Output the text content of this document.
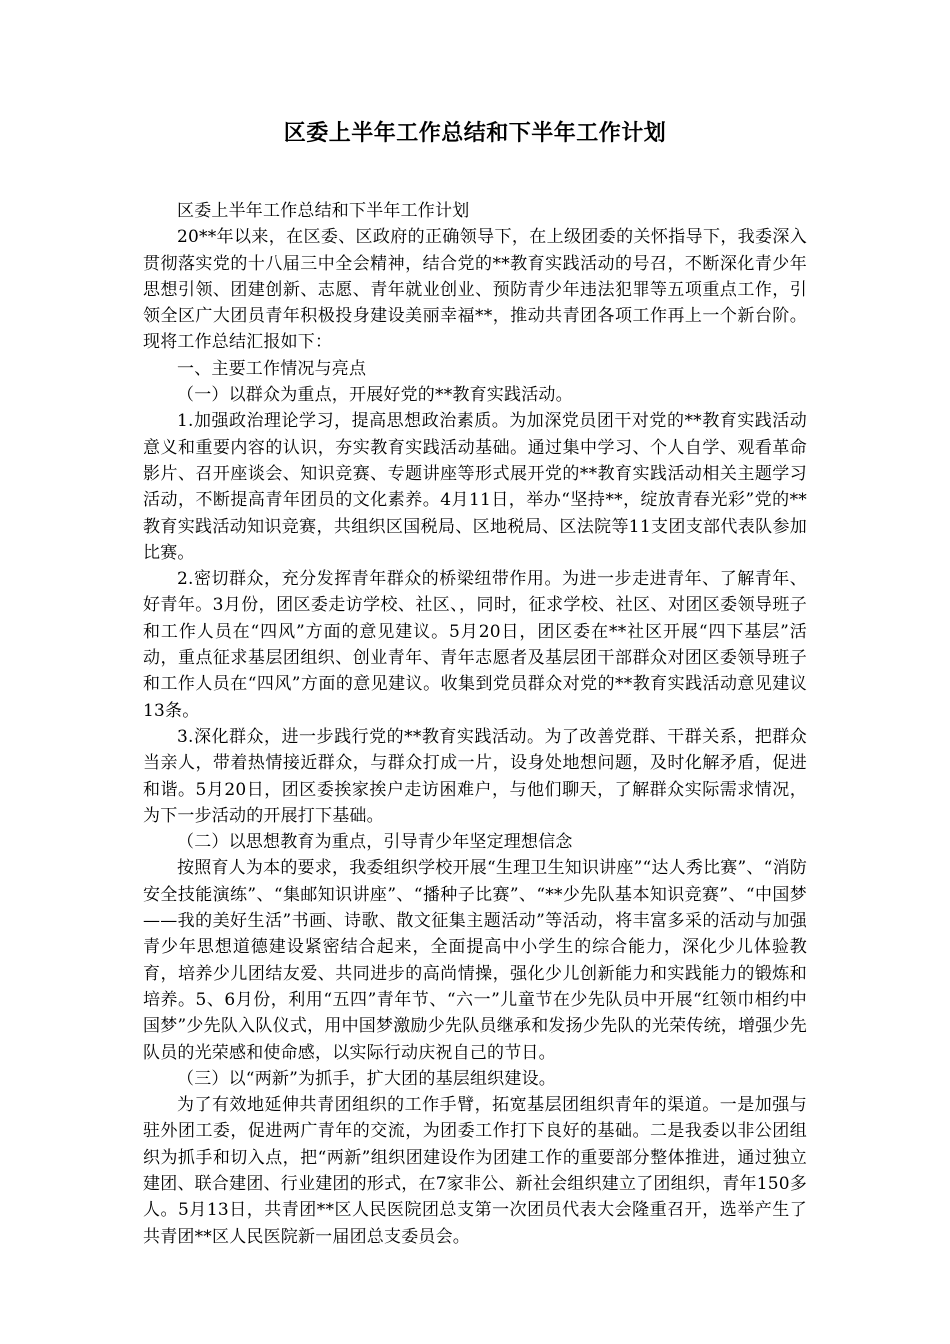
区委上半年工作总结和下半年工作计划

区委上半年工作总结和下半年工作计划

20**年以来，在区委、区政府的正确领导下，在上级团委的关怀指导下，我委深入贯彻落实党的十八届三中全会精神，结合党的**教育实践活动的号召，不断深化青少年思想引领、团建创新、志愿、青年就业创业、预防青少年违法犯罪等五项重点工作，引领全区广大团员青年积极投身建设美丽幸福**，推动共青团各项工作再上一个新台阶。现将工作总结汇报如下：

一、主要工作情况与亮点

（一）以群众为重点，开展好党的**教育实践活动。

1.加强政治理论学习，提高思想政治素质。为加深党员团干对党的**教育实践活动意义和重要内容的认识，夯实教育实践活动基础。通过集中学习、个人自学、观看革命影片、召开座谈会、知识竞赛、专题讲座等形式展开党的**教育实践活动相关主题学习活动，不断提高青年团员的文化素养。4月11日，举办“坚持**，绽放青春光彩”党的**教育实践活动知识竞赛，共组织区国税局、区地税局、区法院等11支团支部代表队参加比赛。

2.密切群众，充分发挥青年群众的桥梁纽带作用。为进一步走进青年、了解青年、好青年。3月份，团区委走访学校、社区、，同时，征求学校、社区、对团区委领导班子和工作人员在“四风”方面的意见建议。5月20日，团区委在**社区开展“四下基层”活动，重点征求基层团组织、创业青年、青年志愿者及基层团干部群众对团区委领导班子和工作人员在“四风”方面的意见建议。收集到党员群众对党的**教育实践活动意见建议13条。

3.深化群众，进一步践行党的**教育实践活动。为了改善党群、干群关系，把群众当亲人，带着热情接近群众，与群众打成一片，设身处地想问题，及时化解矛盾，促进和谐。5月20日，团区委挨家挨户走访困难户，与他们聊天，了解群众实际需求情况，为下一步活动的开展打下基础。

（二）以思想教育为重点，引导青少年坚定理想信念

按照育人为本的要求，我委组织学校开展“生理卫生知识讲座”“达人秀比赛”、“消防安全技能演练”、“集邮知识讲座”、“播种子比赛”、“**少先队基本知识竞赛”、“中国梦——我的美好生活”书画、诗歌、散文征集主题活动”等活动，将丰富多采的活动与加强青少年思想道德建设紧密结合起来，全面提高中小学生的综合能力，深化少儿体验教育，培养少儿团结友爱、共同进步的高尚情操，强化少儿创新能力和实践能力的锻炼和培养。5、6月份，利用“五四”青年节、“六一”儿童节在少先队员中开展“红领巾相约中国梦”少先队入队仪式，用中国梦激励少先队员继承和发扬少先队的光荣传统，增强少先队员的光荣感和使命感，以实际行动庆祝自己的节日。

（三）以“两新”为抓手，扩大团的基层组织建设。

为了有效地延伸共青团组织的工作手臂，拓宽基层团组织青年的渠道。一是加强与驻外团工委，促进两广青年的交流，为团委工作打下良好的基础。二是我委以非公团组织为抓手和切入点，把“两新”组织团建设作为团建工作的重要部分整体推进，通过独立建团、联合建团、行业建团的形式，在7家非公、新社会组织建立了团组织，青年150多人。5月13日，共青团**区人民医院团总支第一次团员代表大会隆重召开，选举产生了共青团**区人民医院新一届团总支委员会。
